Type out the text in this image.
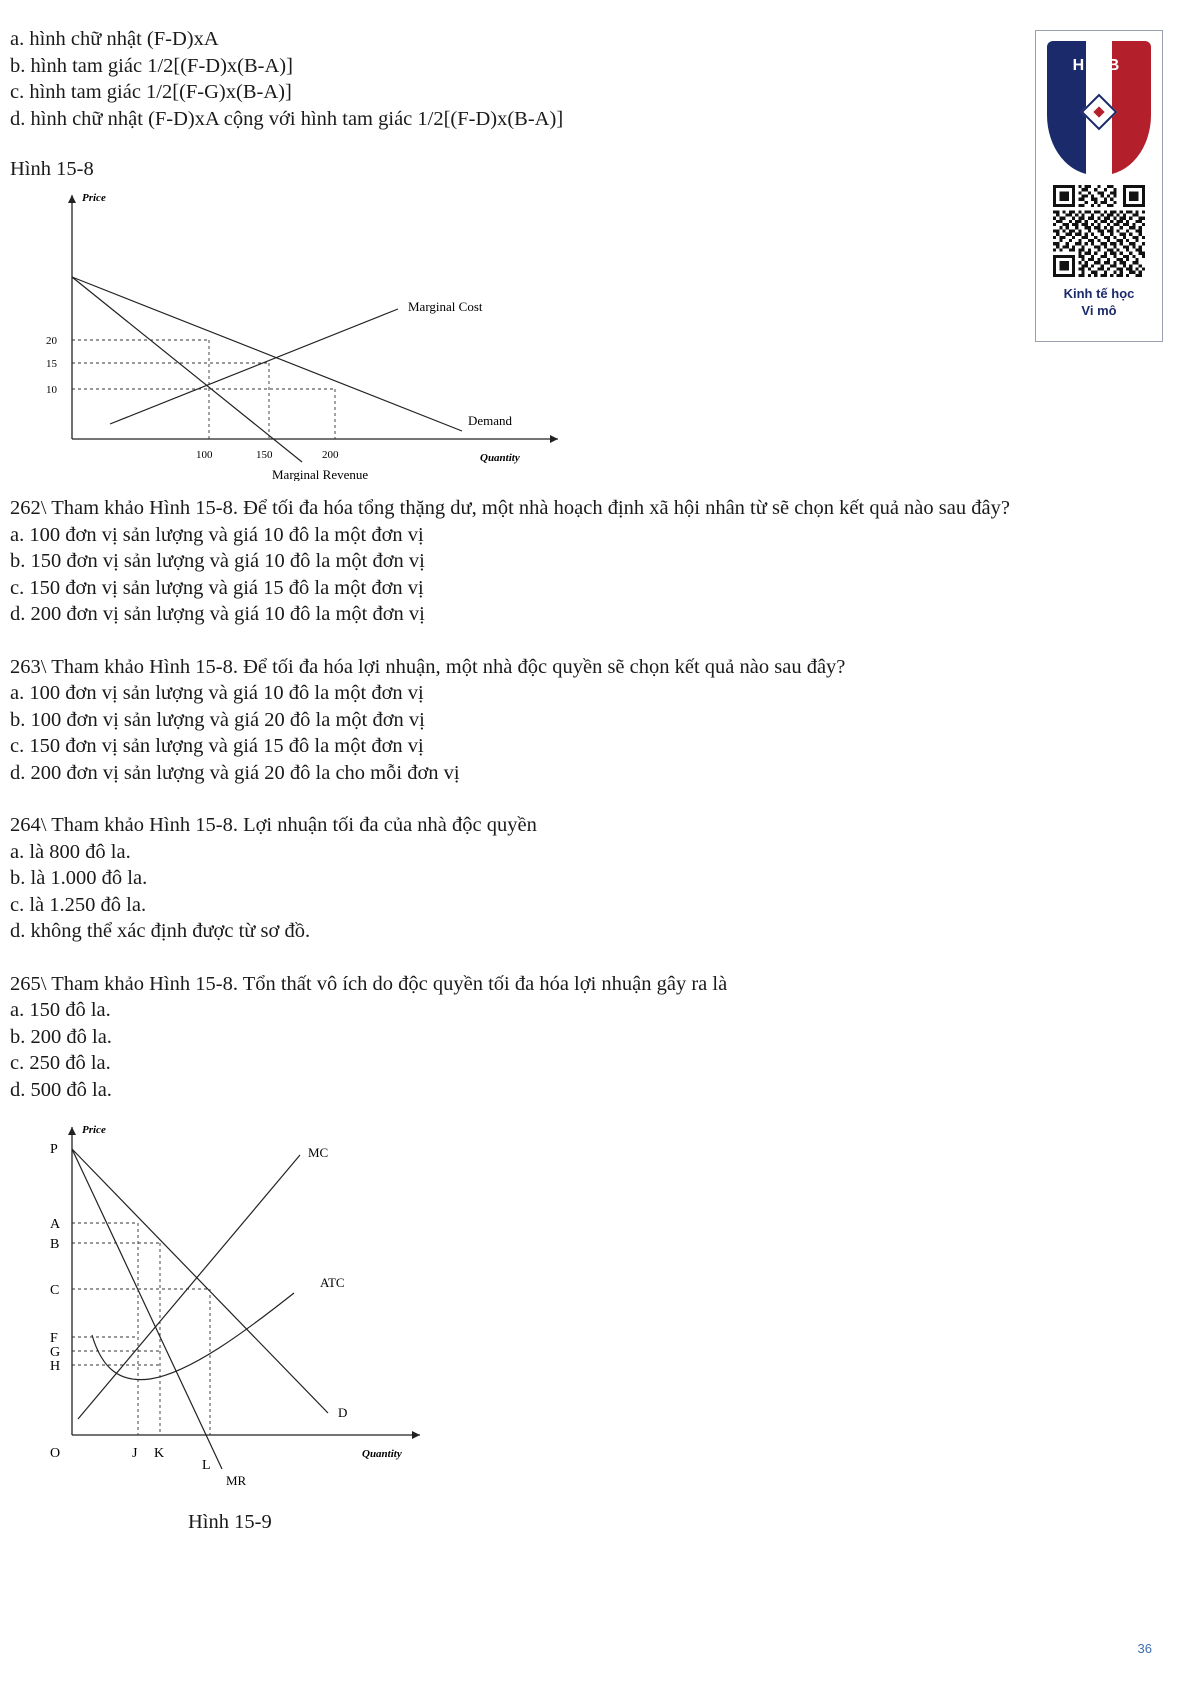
HUB
1976
Kinh tế học
Vi mô
a. hình chữ nhật (F-D)xA
b. hình tam giác 1/2[(F-D)x(B-A)]
c. hình tam giác 1/2[(F-G)x(B-A)]
d. hình chữ nhật (F-D)xA cộng với hình tam giác 1/2[(F-D)x(B-A)]
Hình 15-8
Price
Quantity
Demand
Marginal Revenue
Marginal Cost
20
15
10
100	150	200
262\ Tham khảo Hình 15-8. Để tối đa hóa tổng thặng dư, một nhà hoạch định xã hội nhân từ sẽ chọn kết quả nào sau đây?
a. 100 đơn vị sản lượng và giá 10 đô la một đơn vị
b. 150 đơn vị sản lượng và giá 10 đô la một đơn vị
c. 150 đơn vị sản lượng và giá 15 đô la một đơn vị
d. 200 đơn vị sản lượng và giá 10 đô la một đơn vị
263\ Tham khảo Hình 15-8. Để tối đa hóa lợi nhuận, một nhà độc quyền sẽ chọn kết quả nào sau đây?
a. 100 đơn vị sản lượng và giá 10 đô la một đơn vị
b. 100 đơn vị sản lượng và giá 20 đô la một đơn vị
c. 150 đơn vị sản lượng và giá 15 đô la một đơn vị
d. 200 đơn vị sản lượng và giá 20 đô la cho mỗi đơn vị
264\ Tham khảo Hình 15-8. Lợi nhuận tối đa của nhà độc quyền
a. là 800 đô la.
b. là 1.000 đô la.
c. là 1.250 đô la.
d. không thể xác định được từ sơ đồ.
265\ Tham khảo Hình 15-8. Tổn thất vô ích do độc quyền tối đa hóa lợi nhuận gây ra là
a. 150 đô la.
b. 200 đô la.
c. 250 đô la.
d. 500 đô la.
Price
Quantity
D
MR
MC
ATC
P
A
B
C
F
G
H
O	J K
L
Hình 15-9
36
